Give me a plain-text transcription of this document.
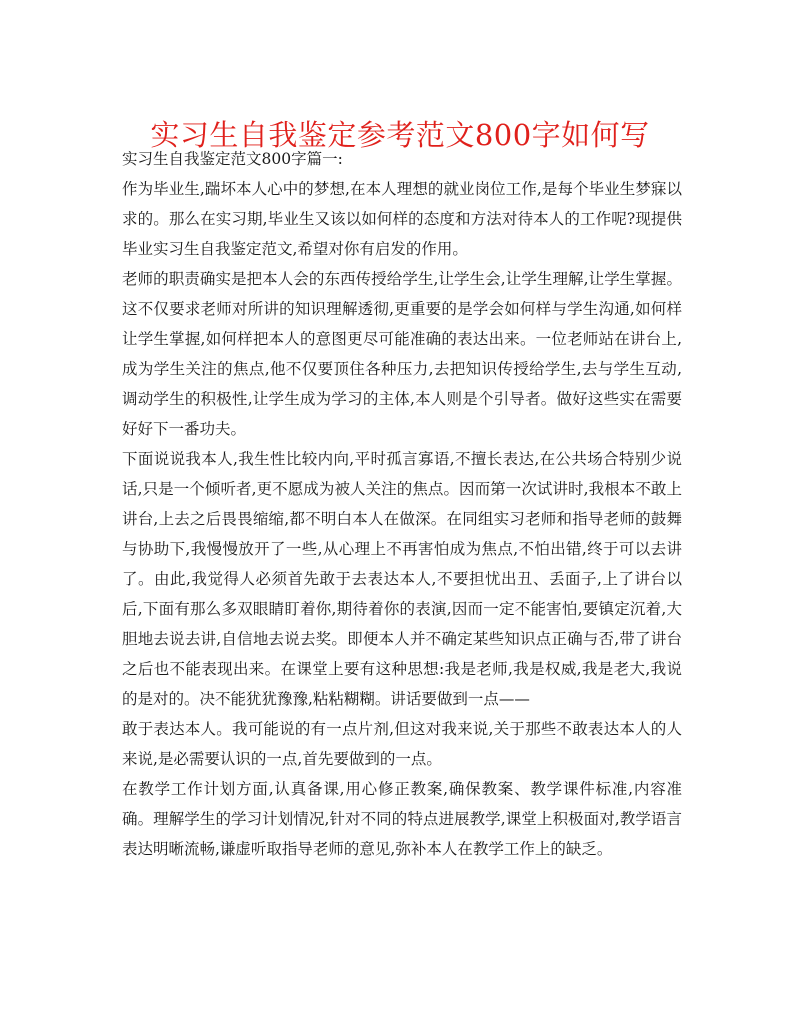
实习生自我鉴定参考范文800字如何写

实习生自我鉴定范文800字篇一:

作为毕业生,踹坏本人心中的梦想,在本人理想的就业岗位工作,是每个毕业生梦寐以求的。那么在实习期,毕业生又该以如何样的态度和方法对待本人的工作呢?现提供毕业实习生自我鉴定范文,希望对你有启发的作用。

老师的职责确实是把本人会的东西传授给学生,让学生会,让学生理解,让学生掌握。这不仅要求老师对所讲的知识理解透彻,更重要的是学会如何样与学生沟通,如何样让学生掌握,如何样把本人的意图更尽可能准确的表达出来。一位老师站在讲台上,成为学生关注的焦点,他不仅要顶住各种压力,去把知识传授给学生,去与学生互动,调动学生的积极性,让学生成为学习的主体,本人则是个引导者。做好这些实在需要好好下一番功夫。

下面说说我本人,我生性比较内向,平时孤言寡语,不擅长表达,在公共场合特别少说话,只是一个倾听者,更不愿成为被人关注的焦点。因而第一次试讲时,我根本不敢上讲台,上去之后畏畏缩缩,都不明白本人在做深。在同组实习老师和指导老师的鼓舞与协助下,我慢慢放开了一些,从心理上不再害怕成为焦点,不怕出错,终于可以去讲了。由此,我觉得人必须首先敢于去表达本人,不要担忧出丑、丢面子,上了讲台以后,下面有那么多双眼睛盯着你,期待着你的表演,因而一定不能害怕,要镇定沉着,大胆地去说去讲,自信地去说去奖。即便本人并不确定某些知识点正确与否,带了讲台之后也不能表现出来。在课堂上要有这种思想:我是老师,我是权威,我是老大,我说的是对的。决不能犹犹豫豫,粘粘糊糊。讲话要做到一点——

敢于表达本人。我可能说的有一点片剂,但这对我来说,关于那些不敢表达本人的人来说,是必需要认识的一点,首先要做到的一点。

在教学工作计划方面,认真备课,用心修正教案,确保教案、教学课件标准,内容准确。理解学生的学习计划情况,针对不同的特点进展教学,课堂上积极面对,教学语言表达明晰流畅,谦虚听取指导老师的意见,弥补本人在教学工作上的缺乏。
